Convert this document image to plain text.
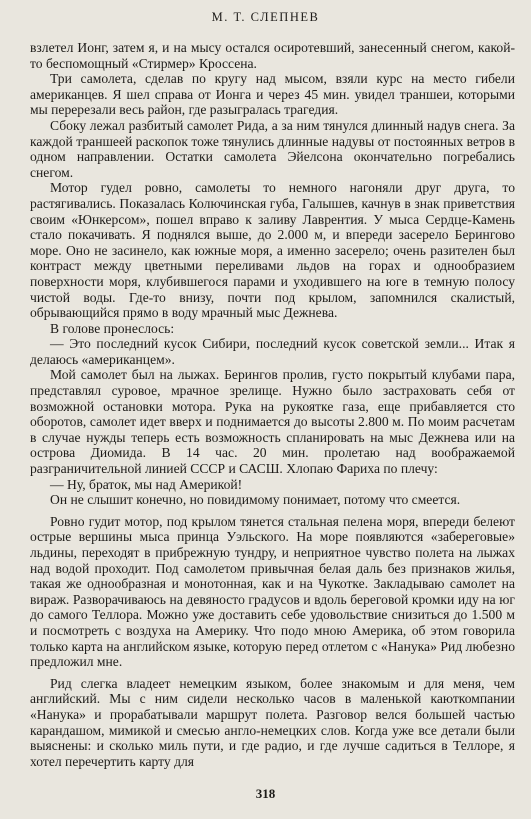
М. Т. СЛЕПНЕВ

взлетел Ионг, затем я, и на мысу остался осиротевший, занесенный снегом, какой-то беспомощный «Стирмер» Кроссена.

Три самолета, сделав по кругу над мысом, взяли курс на место гибели американцев. Я шел справа от Ионга и через 45 мин. увидел траншеи, которыми мы перерезали весь район, где разыгралась трагедия.

Сбоку лежал разбитый самолет Рида, а за ним тянулся длинный надув снега. За каждой траншеей раскопок тоже тянулись длинные надувы от постоянных ветров в одном направлении. Остатки самолета Эйелсона окончательно погребались снегом.

Мотор гудел ровно, самолеты то немного нагоняли друг друга, то растягивались. Показалась Колючинская губа, Галышев, качнув в знак приветствия своим «Юнкерсом», пошел вправо к заливу Лаврентия. У мыса Сердце-Камень стало покачивать. Я поднялся выше, до 2.000 м, и впереди засерело Берингово море. Оно не засинело, как южные моря, а именно засерело; очень разителен был контраст между цветными переливами льдов на горах и однообразием поверхности моря, клубившегося парами и уходившего на юге в темную полосу чистой воды. Где-то внизу, почти под крылом, запомнился скалистый, обрывающийся прямо в воду мрачный мыс Дежнева.

В голове пронеслось:

— Это последний кусок Сибири, последний кусок советской земли... Итак я делаюсь «американцем».

Мой самолет был на лыжах. Берингов пролив, густо покрытый клубами пара, представлял суровое, мрачное зрелище. Нужно было застраховать себя от возможной остановки мотора. Рука на рукоятке газа, еще прибавляется сто оборотов, самолет идет вверх и поднимается до высоты 2.800 м. По моим расчетам в случае нужды теперь есть возможность спланировать на мыс Дежнева или на острова Диомида. В 14 час. 20 мин. пролетаю над воображаемой разграничительной линией СССР и САСШ. Хлопаю Фариха по плечу:

— Ну, браток, мы над Америкой!

Он не слышит конечно, но повидимому понимает, потому что смеется.

Ровно гудит мотор, под крылом тянется стальная пелена моря, впереди белеют острые вершины мыса принца Уэльского. На море появляются «забереговые» льдины, переходят в прибрежную тундру, и неприятное чувство полета на лыжах над водой проходит. Под самолетом привычная белая даль без признаков жилья, такая же однообразная и монотонная, как и на Чукотке. Закладываю самолет на вираж. Разворачиваюсь на девяносто градусов и вдоль береговой кромки иду на юг до самого Теллора. Можно уже доставить себе удовольствие снизиться до 1.500 м и посмотреть с воздуха на Америку. Что подо мною Америка, об этом говорила только карта на английском языке, которую перед отлетом с «Нанука» Рид любезно предложил мне.

Рид слегка владеет немецким языком, более знакомым и для меня, чем английский. Мы с ним сидели несколько часов в маленькой каюткомпании «Нанука» и прорабатывали маршрут полета. Разговор велся большей частью карандашом, мимикой и смесью англо-немецких слов. Когда уже все детали были выяснены: и сколько миль пути, и где радио, и где лучше садиться в Теллоре, я хотел перечертить карту для

318
